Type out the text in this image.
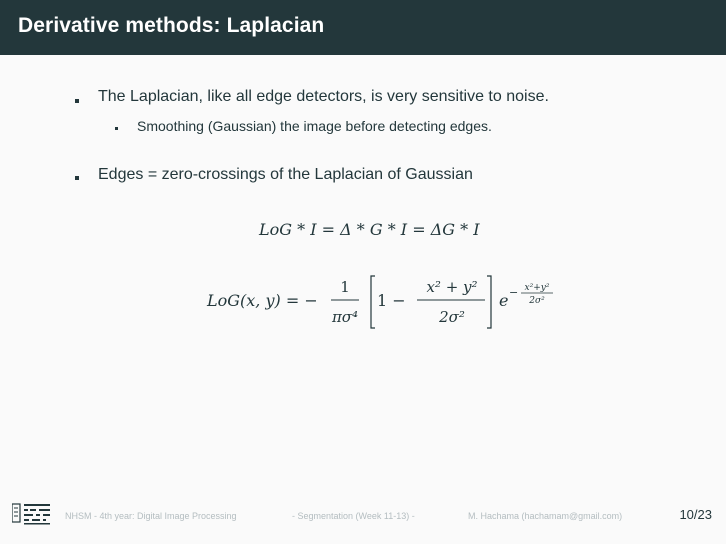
Derivative methods: Laplacian
The Laplacian, like all edge detectors, is very sensitive to noise.
Smoothing (Gaussian) the image before detecting edges.
Edges = zero-crossings of the Laplacian of Gaussian
LoG * I = Δ * G * I = ΔG * I
LoG(x, y) = −
1
πσ⁴
1 −
x² + y²
2σ²
e − x²+y²
2σ²
NHSM - 4th year: Digital Image Processing	- Segmentation (Week 11-13) -	M. Hachama (hachamam@gmail.com)	10/23
